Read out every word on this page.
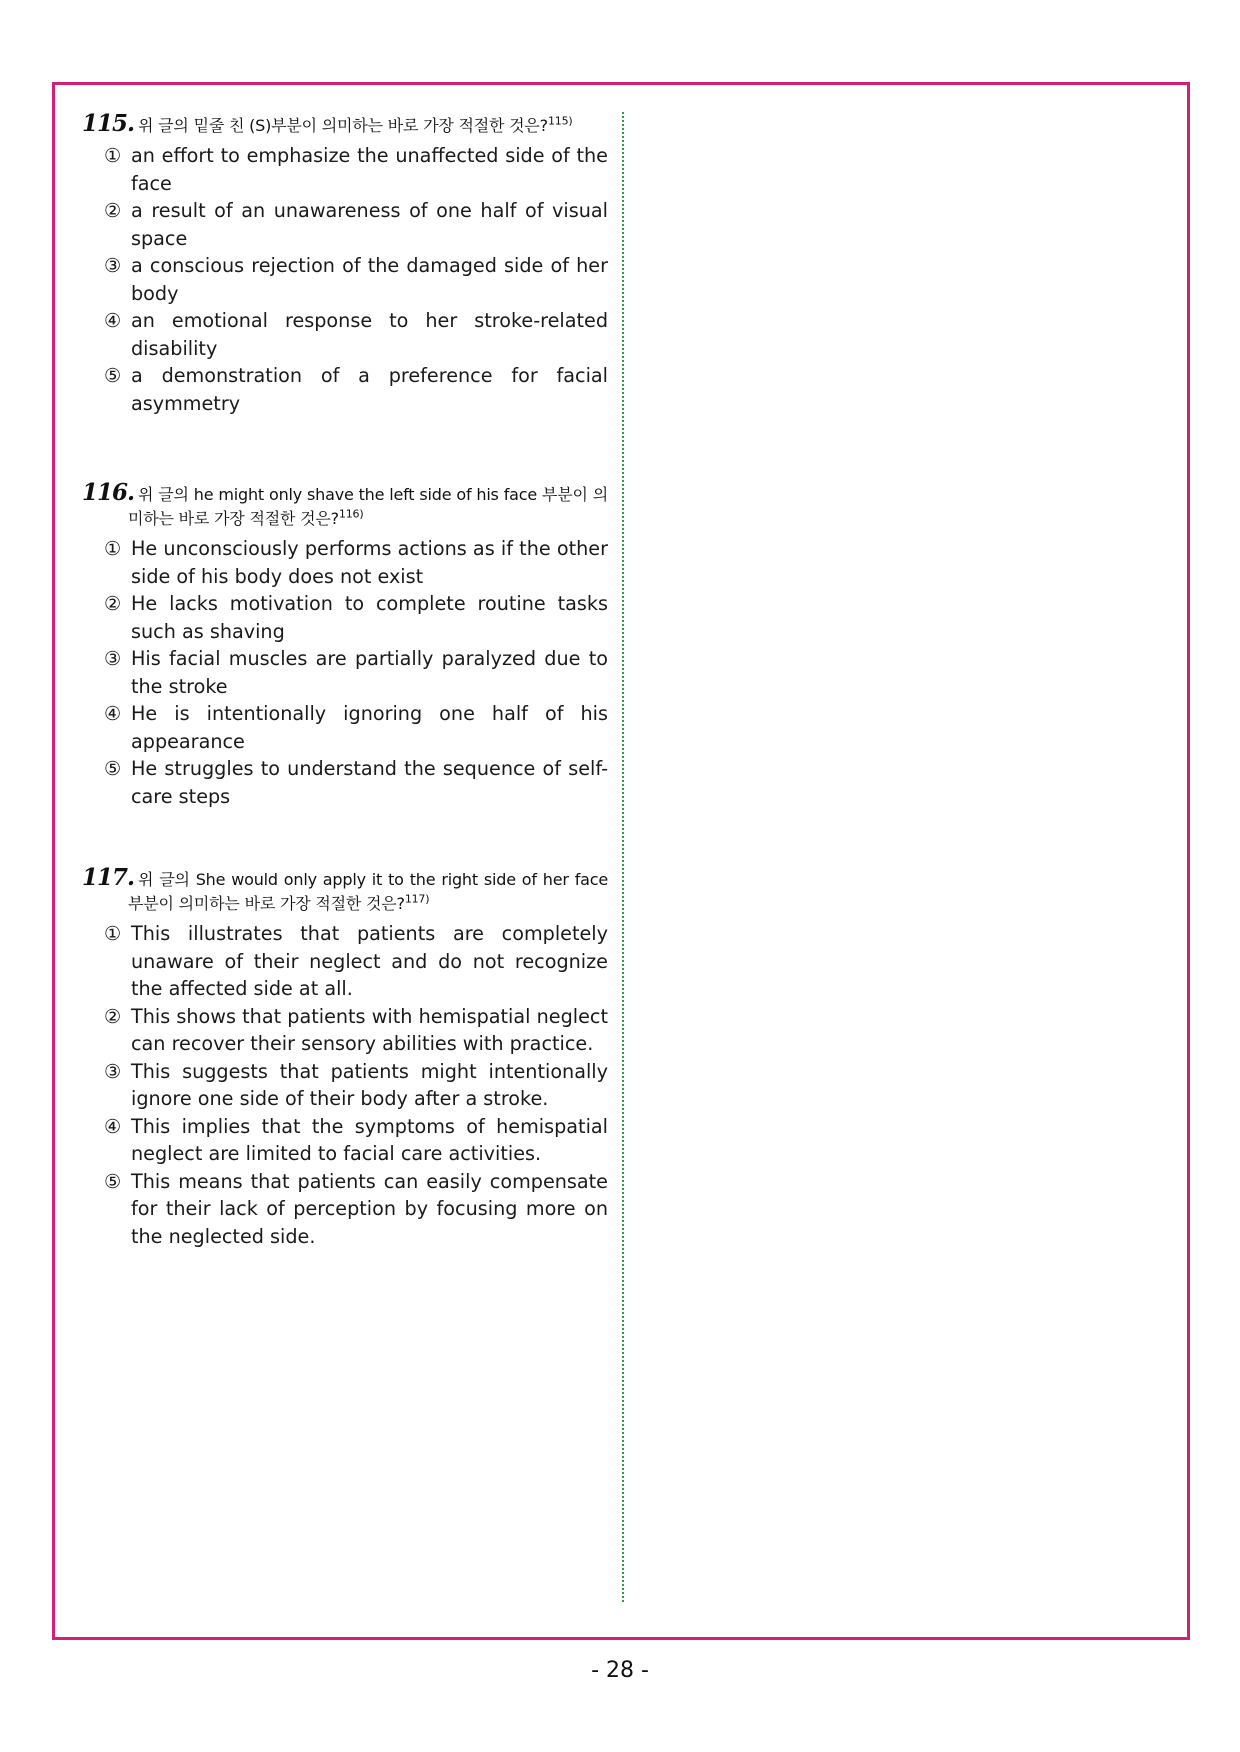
115. 위 글의 밑줄 친 (S)부분이 의미하는 바로 가장 적절한 것은?$^{115)}$
① an effort to emphasize the unaffected side of the face
② a result of an unawareness of one half of visual space
③ a conscious rejection of the damaged side of her body
④ an emotional response to her stroke-related disability
⑤ a demonstration of a preference for facial asymmetry
116. 위 글의 he might only shave the left side of his face 부분이 의미하는 바로 가장 적절한 것은?$^{116)}$
① He unconsciously performs actions as if the other side of his body does not exist
② He lacks motivation to complete routine tasks such as shaving
③ His facial muscles are partially paralyzed due to the stroke
④ He is intentionally ignoring one half of his appearance
⑤ He struggles to understand the sequence of self-care steps
117. 위 글의 She would only apply it to the right side of her face 부분이 의미하는 바로 가장 적절한 것은?$^{117)}$
① This illustrates that patients are completely unaware of their neglect and do not recognize the affected side at all.
② This shows that patients with hemispatial neglect can recover their sensory abilities with practice.
③ This suggests that patients might intentionally ignore one side of their body after a stroke.
④ This implies that the symptoms of hemispatial neglect are limited to facial care activities.
⑤ This means that patients can easily compensate for their lack of perception by focusing more on the neglected side.
- 28 -
